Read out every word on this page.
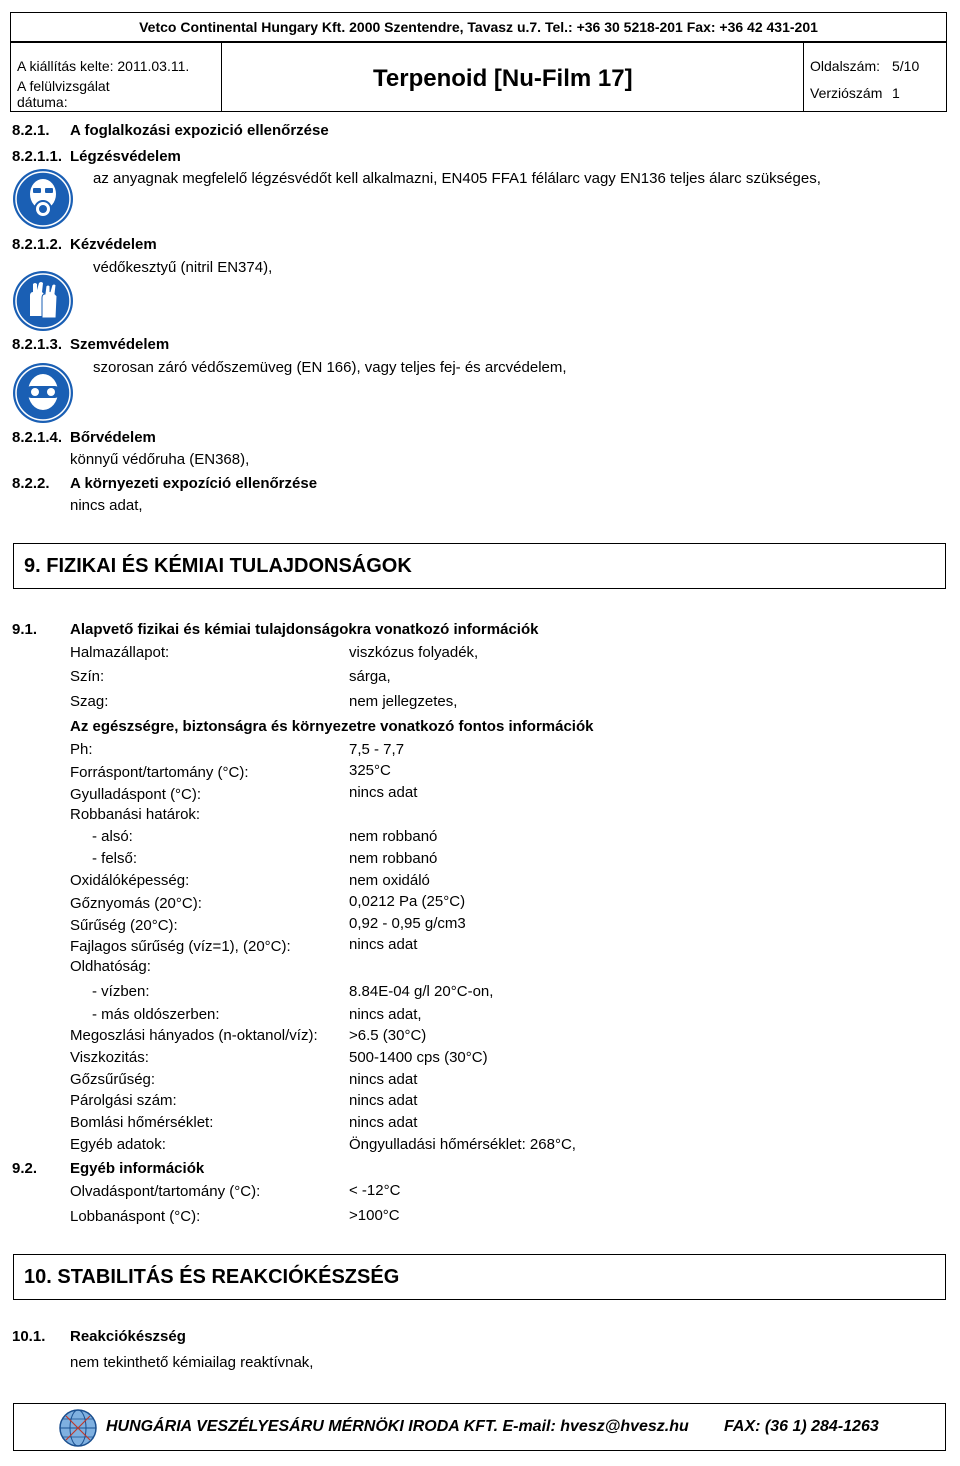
Vetco Continental Hungary Kft. 2000 Szentendre, Tavasz u.7. Tel.: +36 30 5218-201 Fax: +36 42 431-201
A kiállítás kelte: 2011.03.11.
A felülvizsgálat
dátuma:
Terpenoid [Nu-Film 17]	Oldalszám: 5/10
Verziószám 1
8.2.1. A foglalkozási expozició ellenőrzése
8.2.1.1. Légzésvédelem
az anyagnak megfelelő légzésvédőt kell alkalmazni, EN405 FFA1 félálarc vagy EN136 teljes álarc szükséges,
8.2.1.2. Kézvédelem
védőkesztyű (nitril EN374),
8.2.1.3. Szemvédelem
szorosan záró védőszemüveg (EN 166), vagy teljes fej- és arcvédelem,
8.2.1.4. Bőrvédelem
könnyű védőruha (EN368),
8.2.2. A környezeti expozíció ellenőrzése
nincs adat,
9. FIZIKAI ÉS KÉMIAI TULAJDONSÁGOK
9.1. Alapvető fizikai és kémiai tulajdonságokra vonatkozó információk
Halmazállapot:	viszkózus folyadék,
Szín:	sárga,
Szag:	nem jellegzetes,
Az egészségre, biztonságra és környezetre vonatkozó fontos információk
Ph:	7,5 - 7,7
Forráspont/tartomány (°C):	325°C
Gyulladáspont (°C):	nincs adat
Robbanási határok:
- alsó:	nem robbanó
- felső:	nem robbanó
Oxidálóképesség:	nem oxidáló
Gőznyomás (20°C):	0,0212 Pa (25°C)
Sűrűség (20°C):	0,92 - 0,95 g/cm3
Fajlagos sűrűség (víz=1), (20°C):	nincs adat
Oldhatóság:
- vízben:	8.84E-04 g/l 20°C-on,
- más oldószerben:	nincs adat,
Megoszlási hányados (n-oktanol/víz): >6.5 (30°C)
Viszkozitás:	500-1400 cps (30°C)
Gőzsűrűség:	nincs adat
Párolgási szám:	nincs adat
Bomlási hőmérséklet:	nincs adat
Egyéb adatok:	Öngyulladási hőmérséklet: 268°C,
9.2. Egyéb információk
Olvadáspont/tartomány (°C):	< -12°C
Lobbanáspont (°C):	>100°C
10. STABILITÁS ÉS REAKCIÓKÉSZSÉG
10.1. Reakciókészség
nem tekinthető kémiailag reaktívnak,
HUNGÁRIA VESZÉLYESÁRU MÉRNÖKI IRODA KFT. E-mail: hvesz@hvesz.hu FAX: (36 1) 284-1263
